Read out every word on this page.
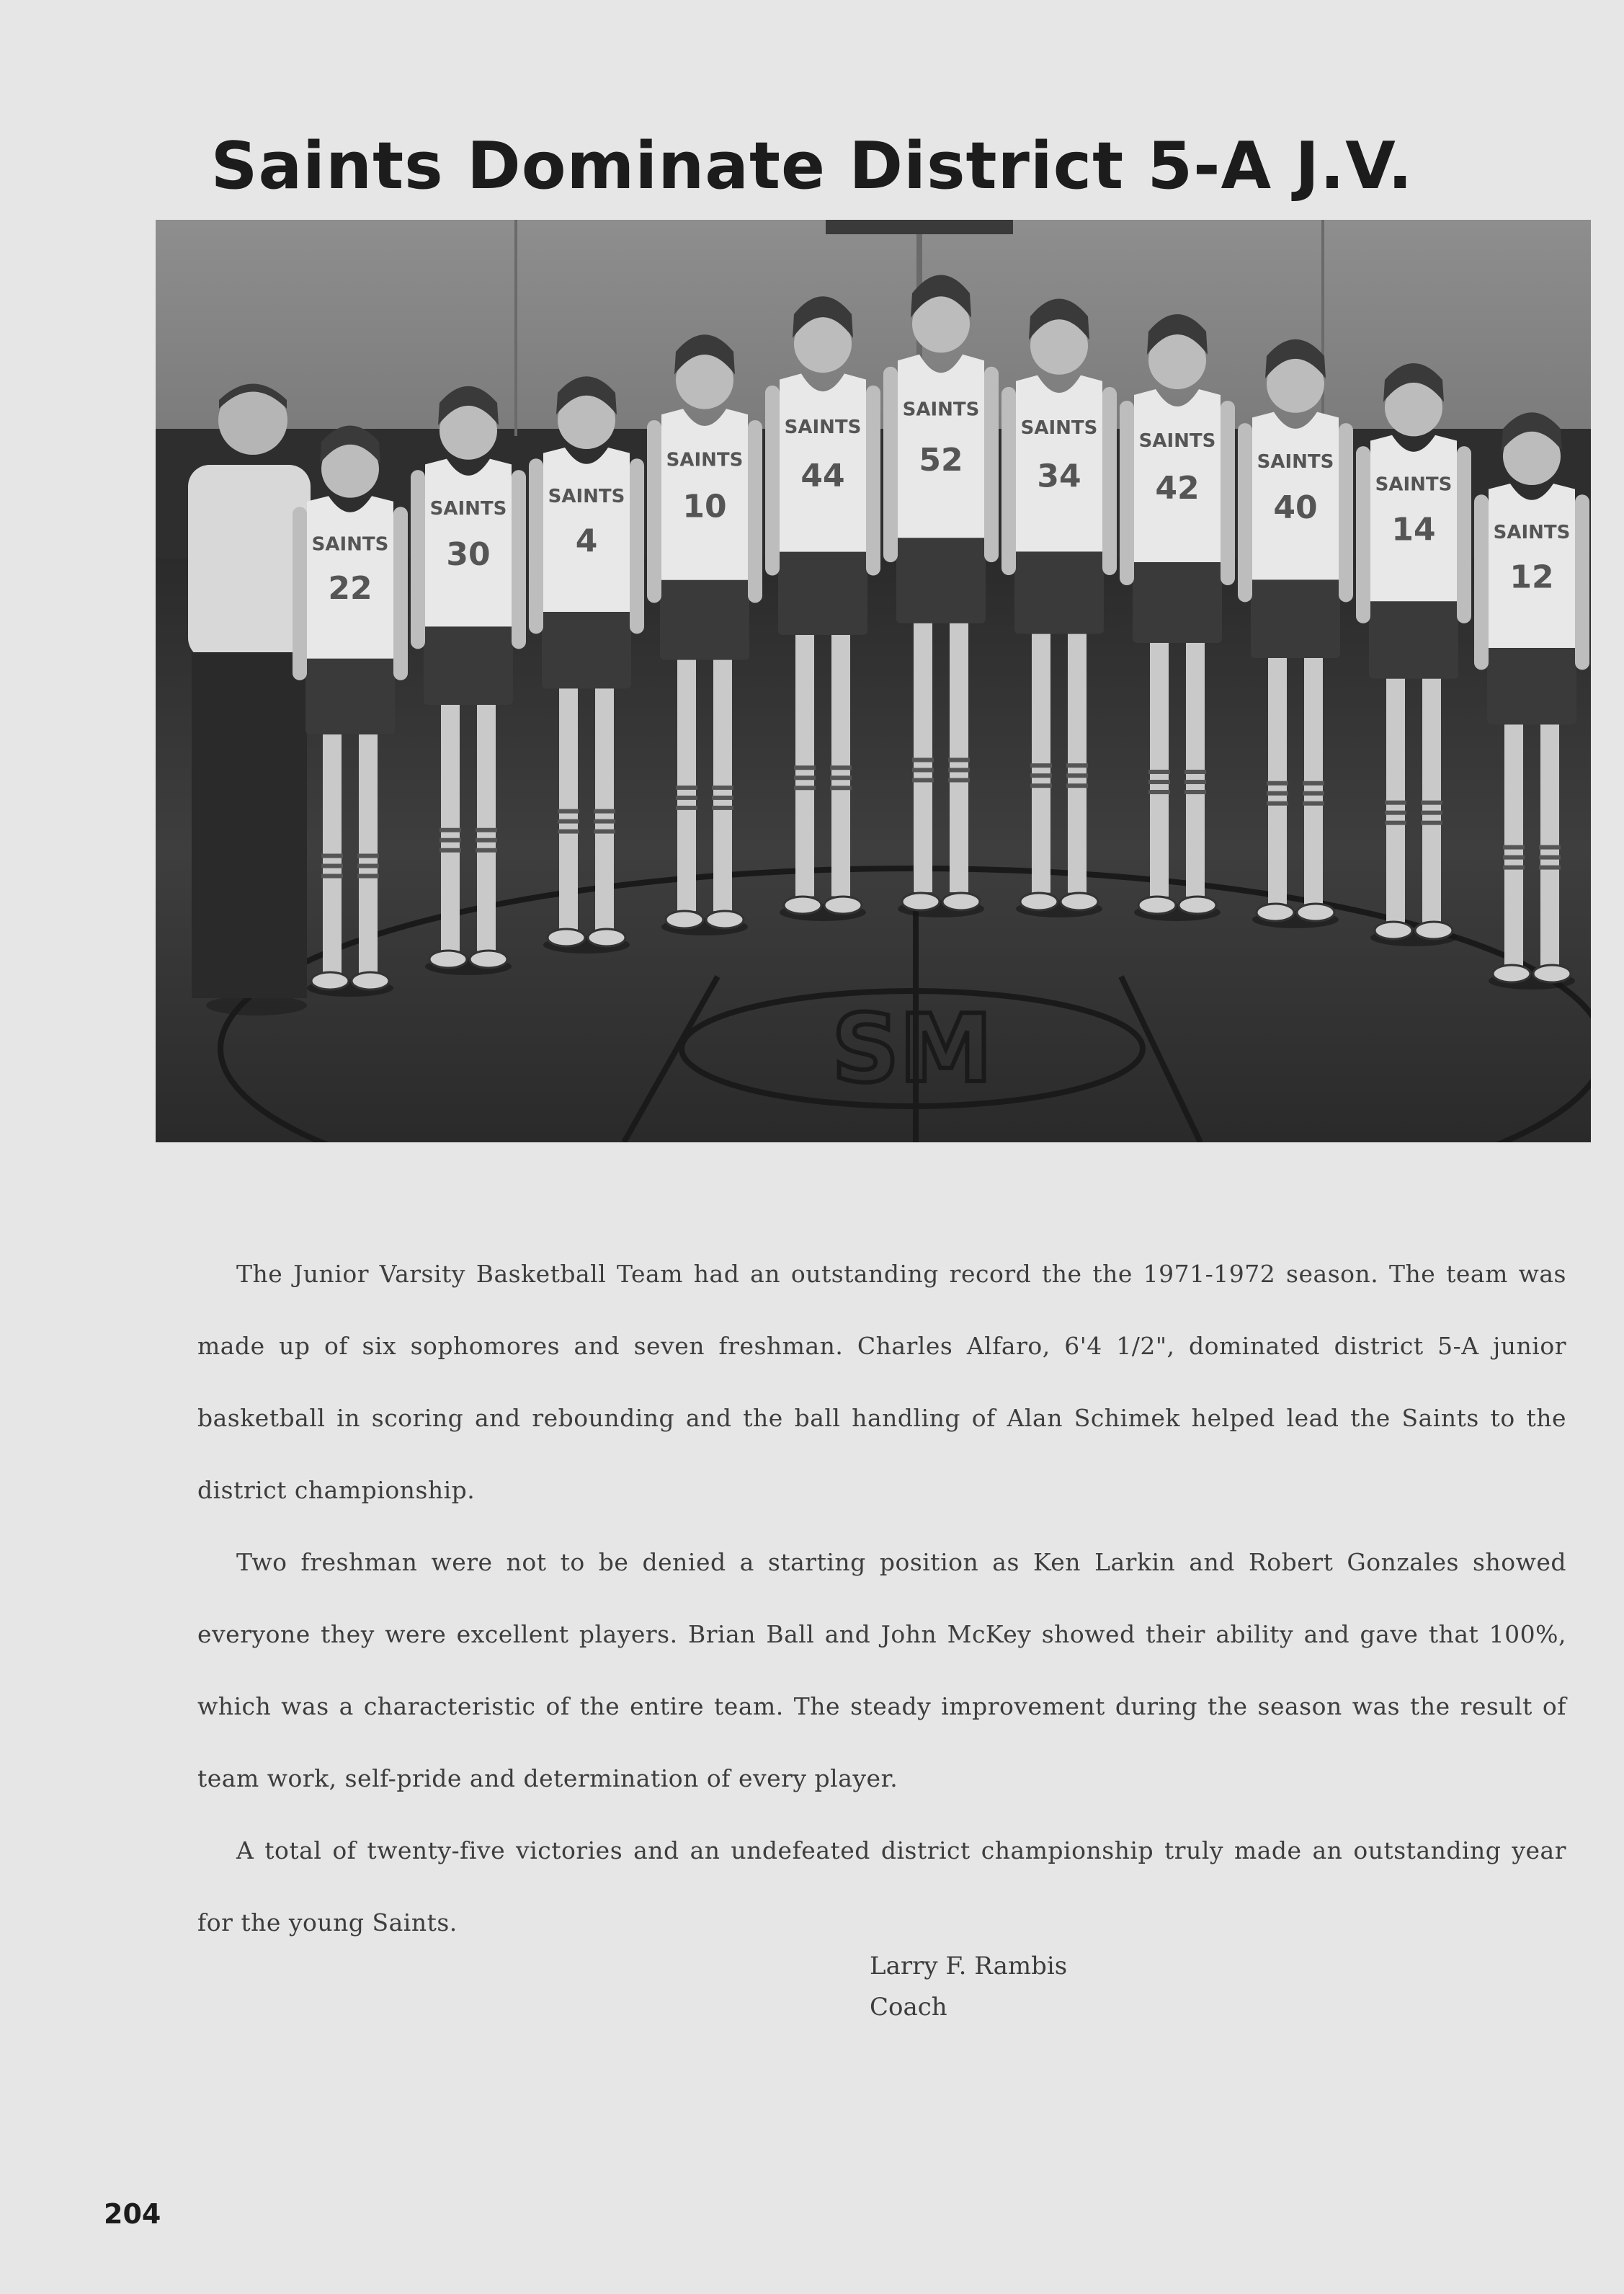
Saints Dominate District 5-A J.V.
SM
SAINTS
22
SAINTS
30
SAINTS
4
SAINTS
10
SAINTS
44
SAINTS
52
SAINTS
34
SAINTS
42
SAINTS
40
SAINTS
14	SAINTS
12

The Junior Varsity Basketball Team had an outstanding record the the 1971-1972 season. The team was made up of six sophomores and seven freshman. Charles Alfaro, 6'4 1/2", dominated district 5-A junior basketball in scoring and rebounding and the ball handling of Alan Schimek helped lead the Saints to the district championship.

Two freshman were not to be denied a starting position as Ken Larkin and Robert Gonzales showed everyone they were excellent players. Brian Ball and John McKey showed their ability and gave that 100%, which was a characteristic of the entire team. The steady improvement during the season was the result of team work, self-pride and determination of every player.

A total of twenty-five victories and an undefeated district championship truly made an outstanding year for the young Saints.

Larry F. Rambis
Coach
204
